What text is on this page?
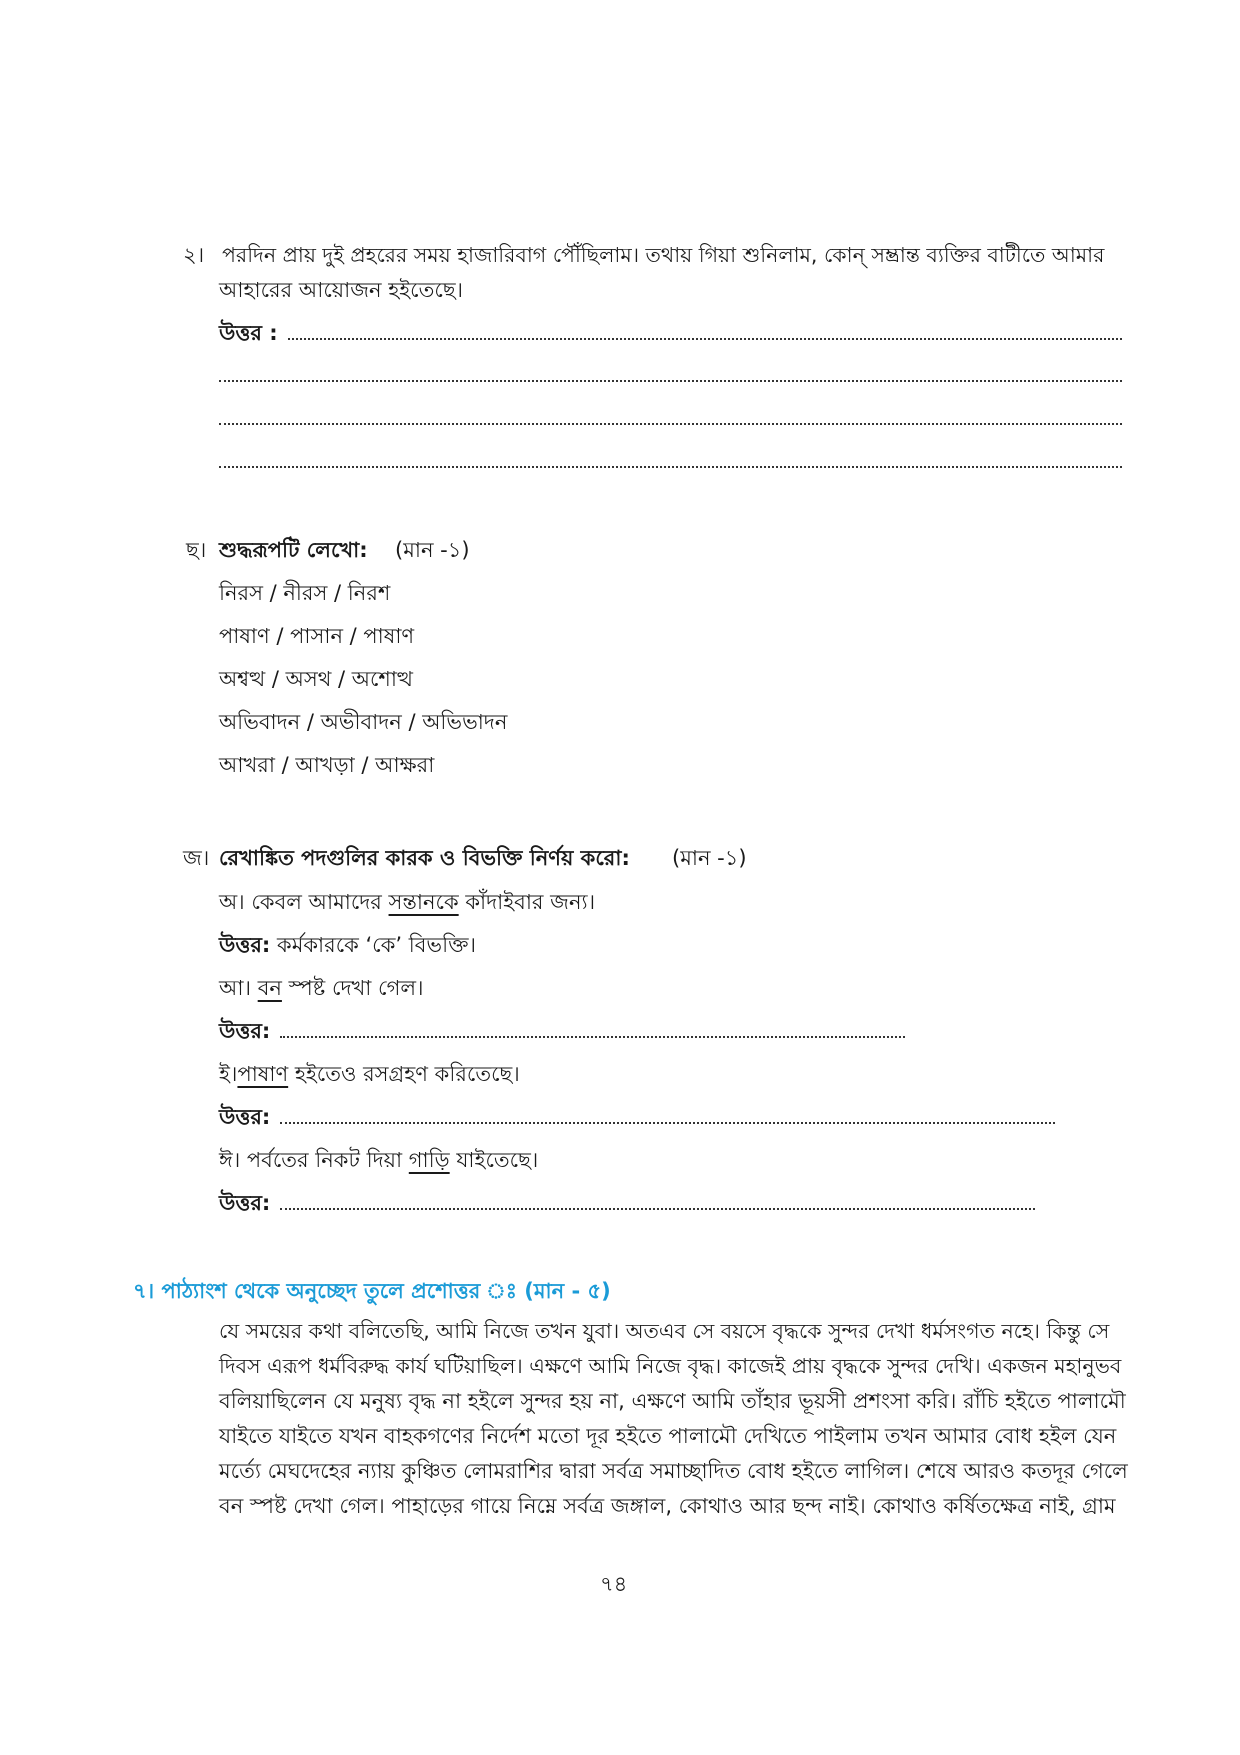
২। পরদিন প্রায় দুই প্রহরের সময় হাজারিবাগ পৌঁছিলাম। তথায় গিয়া শুনিলাম, কোন্ সম্ভ্রান্ত ব্যক্তির বাটীতে আমার
আহারের আয়োজন হইতেছে।
উত্তর :
ছ। শুদ্ধরূপটি লেখো: (মান -১)
নিরস / নীরস / নিরশ
পাষাণ / পাসান / পাষাণ
অশ্বত্থ / অসথ / অশোত্থ
অভিবাদন / অভীবাদন / অভিভাদন
আখরা / আখড়া / আক্ষরা
জ। রেখাঙ্কিত পদগুলির কারক ও বিভক্তি নির্ণয় করো: (মান -১)
অ। কেবল আমাদের সন্তানকে কাঁদাইবার জন্য।
উত্তর: কর্মকারকে ‘কে’ বিভক্তি।
আ। বন স্পষ্ট দেখা গেল।
উত্তর:
ই।পাষাণ হইতেও রসগ্রহণ করিতেছে।
উত্তর:
ঈ। পর্বতের নিকট দিয়া গাড়ি যাইতেছে।
উত্তর:
৭। পাঠ্যাংশ থেকে অনুচ্ছেদ তুলে প্রশোত্তর ঃ (মান - ৫)
যে সময়ের কথা বলিতেছি, আমি নিজে তখন যুবা। অতএব সে বয়সে বৃদ্ধকে সুন্দর দেখা ধর্মসংগত নহে। কিন্তু সে
দিবস এরূপ ধর্মবিরুদ্ধ কার্য ঘটিয়াছিল। এক্ষণে আমি নিজে বৃদ্ধ। কাজেই প্রায় বৃদ্ধকে সুন্দর দেখি। একজন মহানুভব
বলিয়াছিলেন যে মনুষ্য বৃদ্ধ না হইলে সুন্দর হয় না, এক্ষণে আমি তাঁহার ভূয়সী প্রশংসা করি। রাঁচি হইতে পালামৌ
যাইতে যাইতে যখন বাহকগণের নির্দেশ মতো দূর হইতে পালামৌ দেখিতে পাইলাম তখন আমার বোধ হইল যেন
মর্ত্যে মেঘদেহের ন্যায় কুঞ্চিত লোমরাশির দ্বারা সর্বত্র সমাচ্ছাদিত বোধ হইতে লাগিল। শেষে আরও কতদূর গেলে
বন স্পষ্ট দেখা গেল। পাহাড়ের গায়ে নিম্নে সর্বত্র জঙ্গাল, কোথাও আর ছন্দ নাই। কোথাও কর্ষিতক্ষেত্র নাই, গ্রাম
৭৪
